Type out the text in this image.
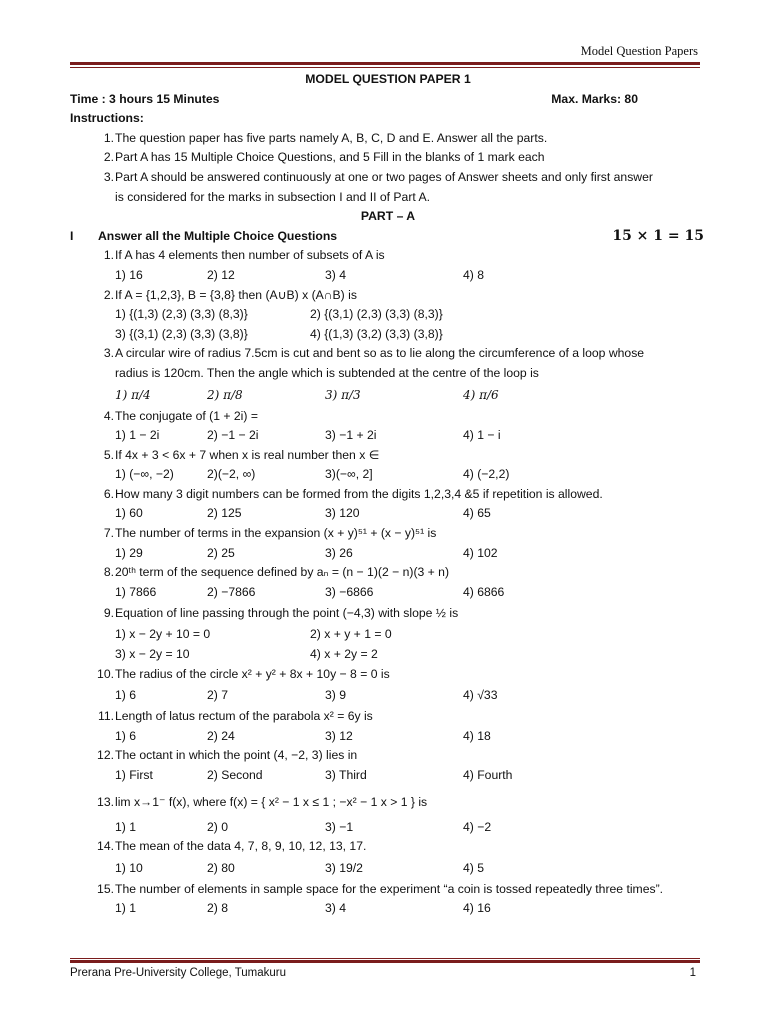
Model Question Papers
MODEL QUESTION PAPER 1
Time : 3 hours 15 Minutes	Max. Marks: 80
Instructions:
1. The question paper has five parts namely A, B, C, D and E. Answer all the parts.
2. Part A has 15 Multiple Choice Questions, and 5 Fill in the blanks of 1 mark each
3. Part A should be answered continuously at one or two pages of Answer sheets and only first answer
is considered for the marks in subsection I and II of Part A.
PART – A
I Answer all the Multiple Choice Questions	15 × 1 = 15
1. If A has 4 elements then number of subsets of A is
1) 16	2) 12	3) 4	4) 8
2. If A = {1,2,3}, B = {3,8} then (A∪B) x (A∩B) is
1) {(1,3) (2,3) (3,3) (8,3)}	2) {(3,1) (2,3) (3,3) (8,3)}
3) {(3,1) (2,3) (3,3) (3,8)}	4) {(1,3) (3,2) (3,3) (3,8)}
3. A circular wire of radius 7.5cm is cut and bent so as to lie along the circumference of a loop whose
radius is 120cm. Then the angle which is subtended at the centre of the loop is
1) π/4	2) π/8	3) π/3	4) π/6
4. The conjugate of (1 + 2i) =
1) 1 − 2i	2) −1 − 2i	3) −1 + 2i	4) 1 − i
5. If 4x + 3 < 6x + 7 when x is real number then x ∈
1) (−∞, −2)	2)(−2, ∞)	3)(−∞, 2]	4) (−2,2)
6. How many 3 digit numbers can be formed from the digits 1,2,3,4 &5 if repetition is allowed.
1) 60	2) 125	3) 120	4) 65
7. The number of terms in the expansion (x + y)⁵¹ + (x − y)⁵¹ is
1) 29	2) 25	3) 26	4) 102
8. 20ᵗʰ term of the sequence defined by aₙ = (n − 1)(2 − n)(3 + n)
1) 7866	2) −7866	3) −6866	4) 6866
9. Equation of line passing through the point (−4,3) with slope ½ is
1) x − 2y + 10 = 0	2) x + y + 1 = 0
3) x − 2y = 10	4) x + 2y = 2
10. The radius of the circle x² + y² + 8x + 10y − 8 = 0 is
1) 6	2) 7	3) 9	4) √33
11. Length of latus rectum of the parabola x² = 6y is
1) 6	2) 24	3) 12	4) 18
12. The octant in which the point (4, −2, 3) lies in
1) First	2) Second	3) Third	4) Fourth
13. lim x→1⁻ f(x), where f(x) = { x² − 1 x ≤ 1 ; −x² − 1 x > 1 } is
1) 1	2) 0	3) −1	4) −2
14. The mean of the data 4, 7, 8, 9, 10, 12, 13, 17.
1) 10	2) 80	3) 19/2	4) 5
15. The number of elements in sample space for the experiment “a coin is tossed repeatedly three times”.
1) 1	2) 8	3) 4	4) 16
Prerana Pre-University College, Tumakuru	1
